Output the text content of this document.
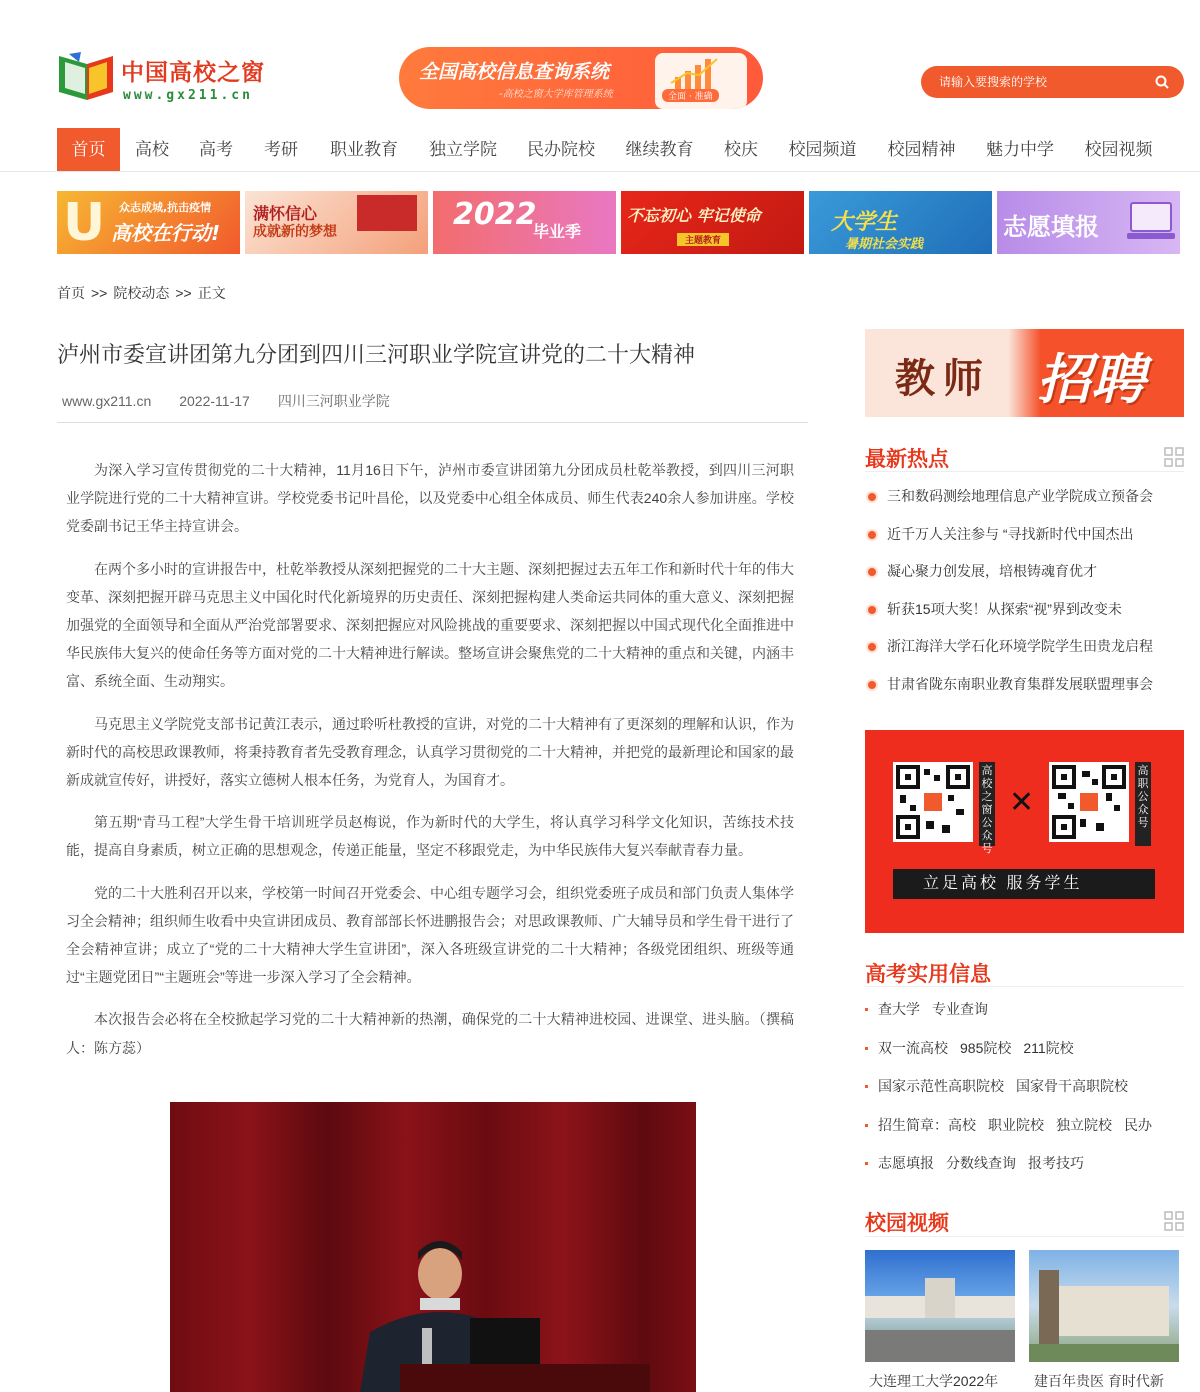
中国高校之窗
www.gx211.cn
全国高校信息查询系统
-高校之窗大学库管理系统	全面 · 准确
请输入要搜索的学校
首页	高校	高考	考研	职业教育	独立学院	民办院校	继续教育	校庆	校园频道	校园精神	魅力中学	校园视频
众志成城,抗击疫情
U 高校在行动!
满怀信心
成就新的梦想	2022
毕业季
不忘初心 牢记使命
主题教育
大学生
暑期社会实践
志愿填报
首页 >> 院校动态 >> 正文
泸州市委宣讲团第九分团到四川三河职业学院宣讲党的二十大精神
www.gx211.cn 2022-11-17 四川三河职业学院

为深入学习宣传贯彻党的二十大精神，11月16日下午，泸州市委宣讲团第九分团成员杜乾举教授，到四川三河职业学院进行党的二十大精神宣讲。学校党委书记叶昌伦，以及党委中心组全体成员、师生代表240余人参加讲座。学校党委副书记王华主持宣讲会。

在两个多小时的宣讲报告中，杜乾举教授从深刻把握党的二十大主题、深刻把握过去五年工作和新时代十年的伟大变革、深刻把握开辟马克思主义中国化时代化新境界的历史责任、深刻把握构建人类命运共同体的重大意义、深刻把握加强党的全面领导和全面从严治党部署要求、深刻把握应对风险挑战的重要要求、深刻把握以中国式现代化全面推进中华民族伟大复兴的使命任务等方面对党的二十大精神进行解读。整场宣讲会聚焦党的二十大精神的重点和关键，内涵丰富、系统全面、生动翔实。

马克思主义学院党支部书记黄江表示，通过聆听杜教授的宣讲，对党的二十大精神有了更深刻的理解和认识，作为新时代的高校思政课教师，将秉持教育者先受教育理念，认真学习贯彻党的二十大精神，并把党的最新理论和国家的最新成就宣传好，讲授好，落实立德树人根本任务，为党育人，为国育才。

第五期“青马工程”大学生骨干培训班学员赵梅说，作为新时代的大学生，将认真学习科学文化知识，苦练技术技能，提高自身素质，树立正确的思想观念，传递正能量，坚定不移跟党走，为中华民族伟大复兴奉献青春力量。

党的二十大胜利召开以来，学校第一时间召开党委会、中心组专题学习会，组织党委班子成员和部门负责人集体学习全会精神；组织师生收看中央宣讲团成员、教育部部长怀进鹏报告会；对思政课教师、广大辅导员和学生骨干进行了全会精神宣讲；成立了“党的二十大精神大学生宣讲团”，深入各班级宣讲党的二十大精神；各级党团组织、班级等通过“主题党团日”“主题班会”等进一步深入学习了全会精神。

本次报告会必将在全校掀起学习党的二十大精神新的热潮，确保党的二十大精神进校园、进课堂、进头脑。（撰稿人：陈方蕊）

教师 招聘
最新热点
三和数码测绘地理信息产业学院成立预备会
近千万人关注参与 “寻找新时代中国杰出
凝心聚力创发展，培根铸魂育优才
斩获15项大奖！从探索“视”界到改变未
浙江海洋大学石化环境学院学生田贵龙启程
甘肃省陇东南职业教育集群发展联盟理事会
高校之窗公众号
✕
高职公众号
立足高校 服务学生
高考实用信息
查大学 专业查询
双一流高校 985院校 211院校
国家示范性高职院校 国家骨干高职院校
招生简章：高校 职业院校 独立院校 民办
志愿填报 分数线查询 报考技巧
校园视频
大连理工大学2022年	建百年贵医 育时代新
